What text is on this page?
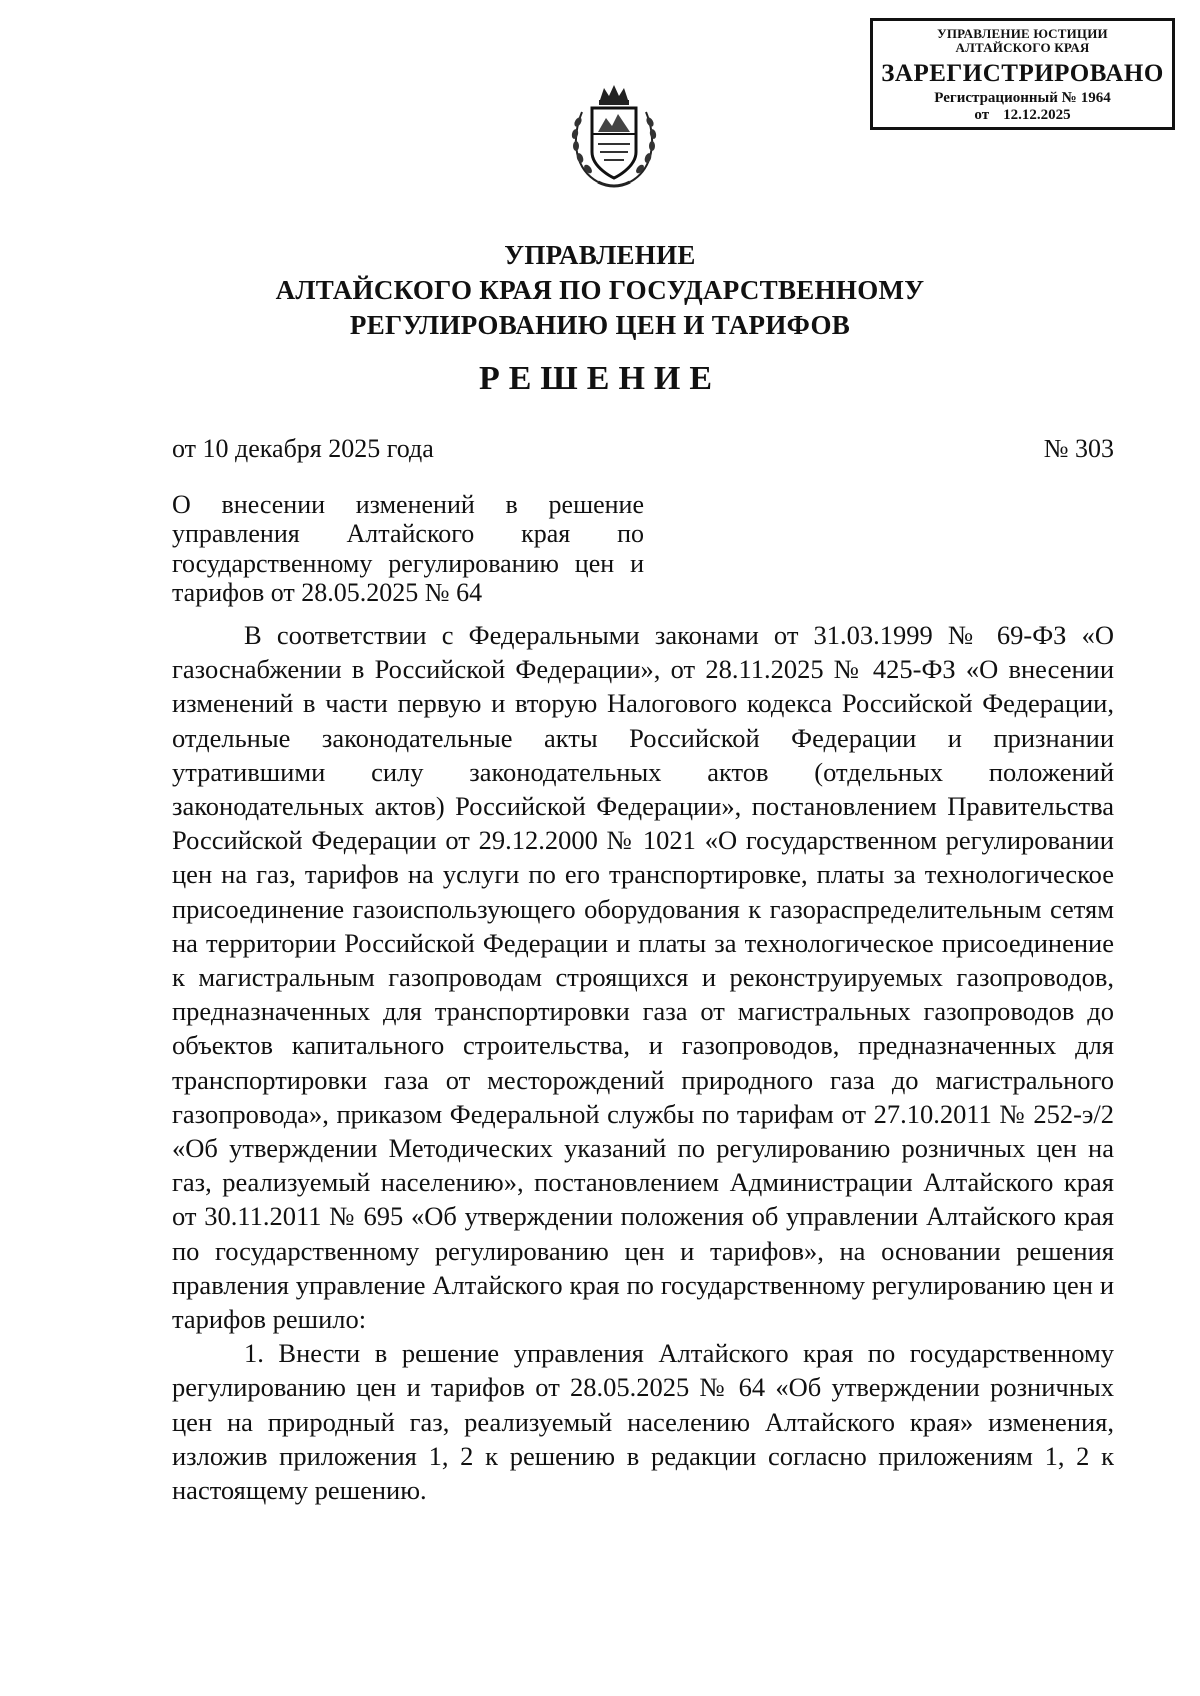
УПРАВЛЕНИЕ ЮСТИЦИИ
АЛТАЙСКОГО КРАЯ
ЗАРЕГИСТРИРОВАНО
Регистрационный № 1964
от 12.12.2025
УПРАВЛЕНИЕ
АЛТАЙСКОГО КРАЯ ПО ГОСУДАРСТВЕННОМУ
РЕГУЛИРОВАНИЮ ЦЕН И ТАРИФОВ
РЕШЕНИЕ
от 10 декабря 2025 года	№ 303
О внесении изменений в решение управления Алтайского края по государственному регулированию цен и тарифов от 28.05.2025 № 64

В соответствии с Федеральными законами от 31.03.1999 № 69-ФЗ «О газоснабжении в Российской Федерации», от 28.11.2025 № 425-ФЗ «О внесении изменений в части первую и вторую Налогового кодекса Российской Федерации, отдельные законодательные акты Российской Федерации и признании утратившими силу законодательных актов (отдельных положений законодательных актов) Российской Федерации», постановлением Правительства Российской Федерации от 29.12.2000 № 1021 «О государственном регулировании цен на газ, тарифов на услуги по его транспортировке, платы за технологическое присоединение газоиспользующего оборудования к газораспределительным сетям на территории Российской Федерации и платы за технологическое присоединение к магистральным газопроводам строящихся и реконструируемых газопроводов, предназначенных для транспортировки газа от магистральных газопроводов до объектов капитального строительства, и газопроводов, предназначенных для транспортировки газа от месторождений природного газа до магистрального газопровода», приказом Федеральной службы по тарифам от 27.10.2011 № 252-э/2 «Об утверждении Методических указаний по регулированию розничных цен на газ, реализуемый населению», постановлением Администрации Алтайского края от 30.11.2011 № 695 «Об утверждении положения об управлении Алтайского края по государственному регулированию цен и тарифов», на основании решения правления управление Алтайского края по государственному регулированию цен и тарифов решило:

1. Внести в решение управления Алтайского края по государственному регулированию цен и тарифов от 28.05.2025 № 64 «Об утверждении розничных цен на природный газ, реализуемый населению Алтайского края» изменения, изложив приложения 1, 2 к решению в редакции согласно приложениям 1, 2 к настоящему решению.
